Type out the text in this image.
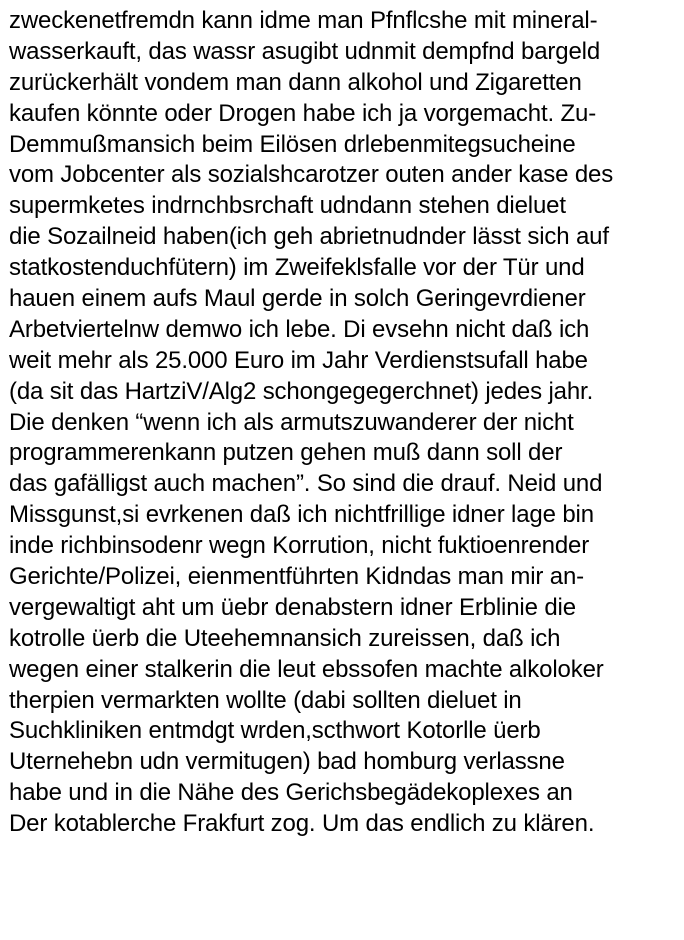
zweckenetfremdn kann idme man Pfnflcshe mit mineral-
wasserkauft, das wassr asugibt udnmit dempfnd bargeld
zurückerhält vondem man dann alkohol und Zigaretten
kaufen könnte oder Drogen habe ich ja vorgemacht. Zu-
Demmußmansich beim Eilösen drlebenmitegsucheine
vom Jobcenter als sozialshcarotzer outen ander kase des
supermketes indrnchbsrchaft udndann stehen dieluet
die Sozailneid haben(ich geh abrietnudnder lässt sich auf
statkostenduchfütern) im Zweifeklsfalle vor der Tür und
hauen einem aufs Maul gerde in solch Geringevrdiener
Arbetviertelnw demwo ich lebe. Di evsehn nicht daß ich
weit mehr als 25.000 Euro im Jahr Verdienstsufall habe
(da sit das HartziV/Alg2 schongegegerchnet) jedes jahr.
Die denken “wenn ich als armutszuwanderer der nicht
programmerenkann putzen gehen muß dann soll der
das gafälligst auch machen”. So sind die drauf. Neid und
Missgunst,si evrkenen daß ich nichtfrillige idner lage bin
inde richbinsodenr wegn Korrution, nicht fuktioenrender
Gerichte/Polizei, eienmentführten Kidndas man mir an-
vergewaltigt aht um üebr denabstern idner Erblinie die
kotrolle üerb die Uteehemnansich zureissen, daß ich
wegen einer stalkerin die leut ebssofen machte alkoloker
therpien vermarkten wollte (dabi sollten dieluet in
Suchkliniken entmdgt wrden,scthwort Kotorlle üerb
Uternehebn udn vermitugen) bad homburg verlassne
habe und in die Nähe des Gerichsbegädekoplexes an
Der kotablerche Frakfurt zog. Um das endlich zu klären.
